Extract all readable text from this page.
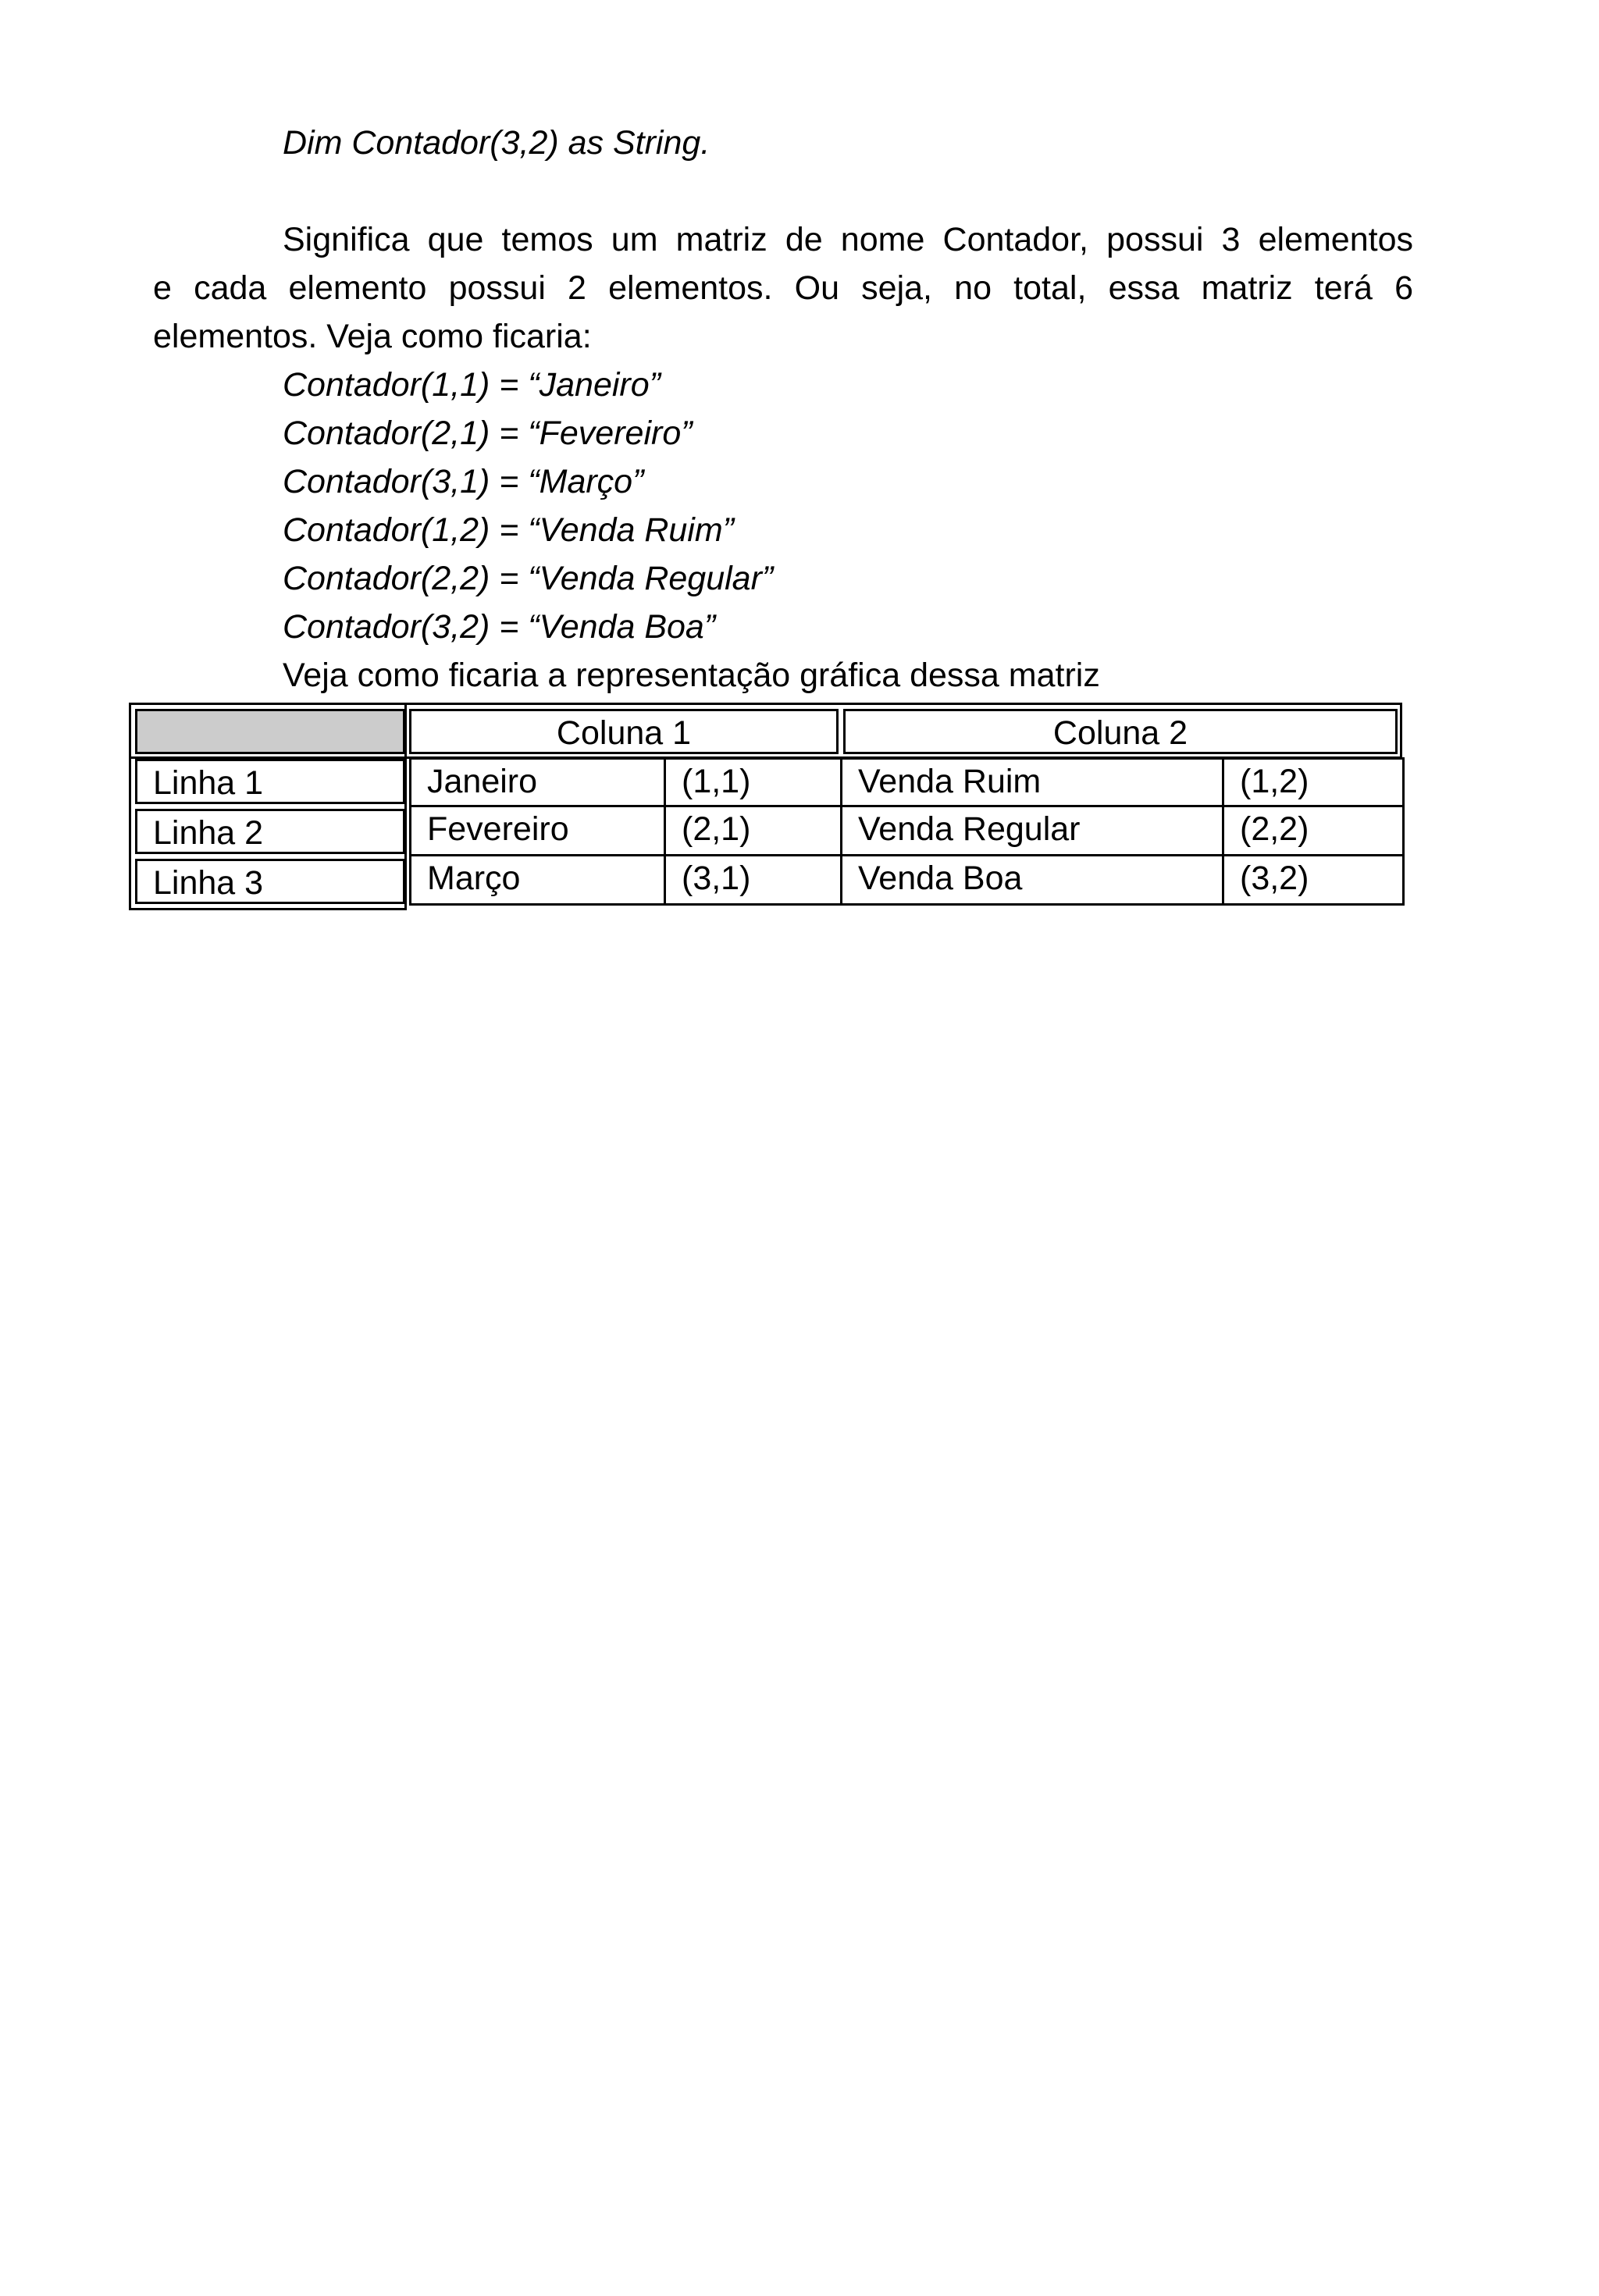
Dim Contador(3,2) as String.
Significa que temos um matriz de nome Contador, possui 3 elementos
e cada elemento possui 2 elementos. Ou seja, no total, essa matriz terá 6
elementos. Veja como ficaria:
Contador(1,1) = “Janeiro”
Contador(2,1) = “Fevereiro”
Contador(3,1) = “Março”
Contador(1,2) = “Venda Ruim”
Contador(2,2) = “Venda Regular”
Contador(3,2) = “Venda Boa”
Veja como ficaria a representação gráfica dessa matriz
Coluna 1	Coluna 2
Linha 1	Janeiro	(1,1)	Venda Ruim	(1,2)
Linha 2	Fevereiro	(2,1)	Venda Regular	(2,2)
Linha 3	Março	(3,1)	Venda Boa	(3,2)
